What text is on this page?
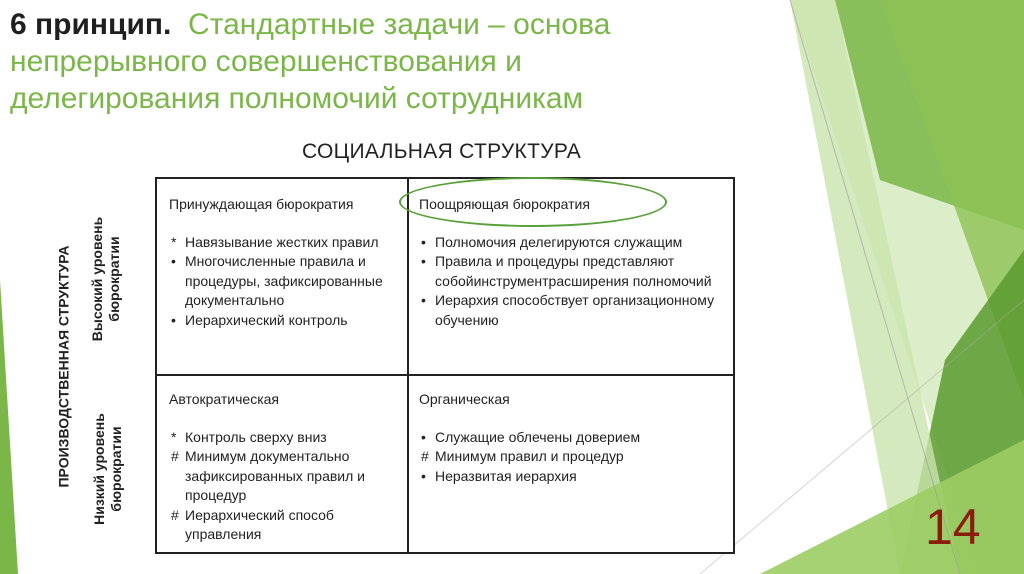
6 принцип. Стандартные задачи – основа непрерывного совершенствования и делегирования полномочий сотрудникам
СОЦИАЛЬНАЯ СТРУКТУРА
ПРОИЗВОДСТВЕННАЯ СТРУКТУРА Высокий уровень бюрократии
Низкий уровень бюрократии
Принуждающая бюрократия
* Навязывание жестких правил
• Многочисленные правила и процедуры, зафиксированные документально
• Иерархический контроль
Поощряющая бюрократия
• Полномочия делегируются служащим
• Правила и процедуры представляют собойинструментрасширения полномочий
• Иерархия способствует организационному обучению
Автократическая
* Контроль сверху вниз
# Минимум документально зафиксированных правил и процедур
# Иерархический способ управления
Органическая
• Служащие облечены доверием
# Минимум правил и процедур
• Неразвитая иерархия
14
